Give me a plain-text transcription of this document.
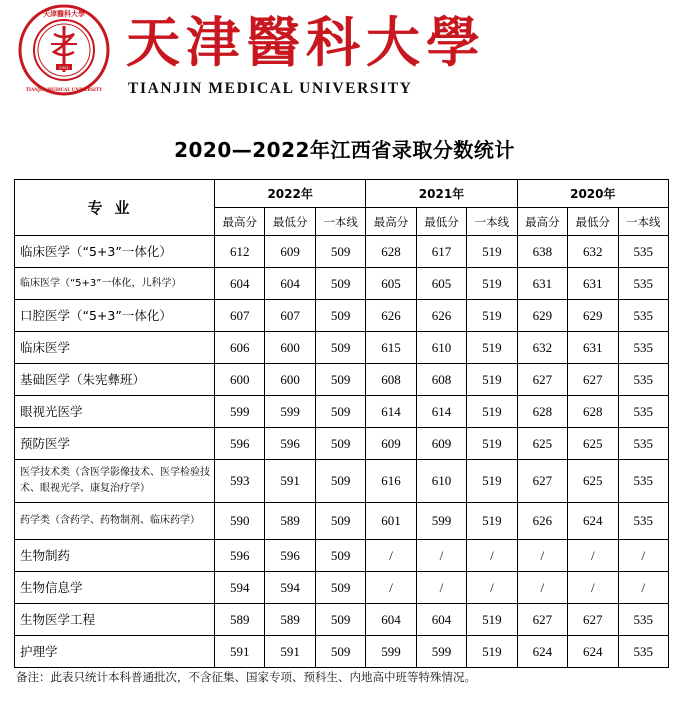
1951
天津醫科大學
TIANJIN MEDICAL UNIVERSITY
天津醫科大學
TIANJIN MEDICAL UNIVERSITY
2020—2022年江西省录取分数统计
专业	2022年			2021年			2020年		
	最高分	最低分	一本线	最高分	最低分	一本线	最高分	最低分	一本线
临床医学（“5+3”一体化）	612	609	509	628	617	519	638	632	535
临床医学（“5+3”一体化，儿科学）	604	604	509	605	605	519	631	631	535
口腔医学（“5+3”一体化）	607	607	509	626	626	519	629	629	535
临床医学	606	600	509	615	610	519	632	631	535
基础医学（朱宪彝班）	600	600	509	608	608	519	627	627	535
眼视光医学	599	599	509	614	614	519	628	628	535
预防医学	596	596	509	609	609	519	625	625	535
医学技术类（含医学影像技术、医学检验技术、眼视光学、康复治疗学）	593	591	509	616	610	519	627	625	535
药学类（含药学、药物制剂、临床药学）	590	589	509	601	599	519	626	624	535
生物制药	596	596	509	/	/	/	/	/	/
生物信息学	594	594	509	/	/	/	/	/	/
生物医学工程	589	589	509	604	604	519	627	627	535
护理学	591	591	509	599	599	519	624	624	535
备注：此表只统计本科普通批次，不含征集、国家专项、预科生、内地高中班等特殊情况。
